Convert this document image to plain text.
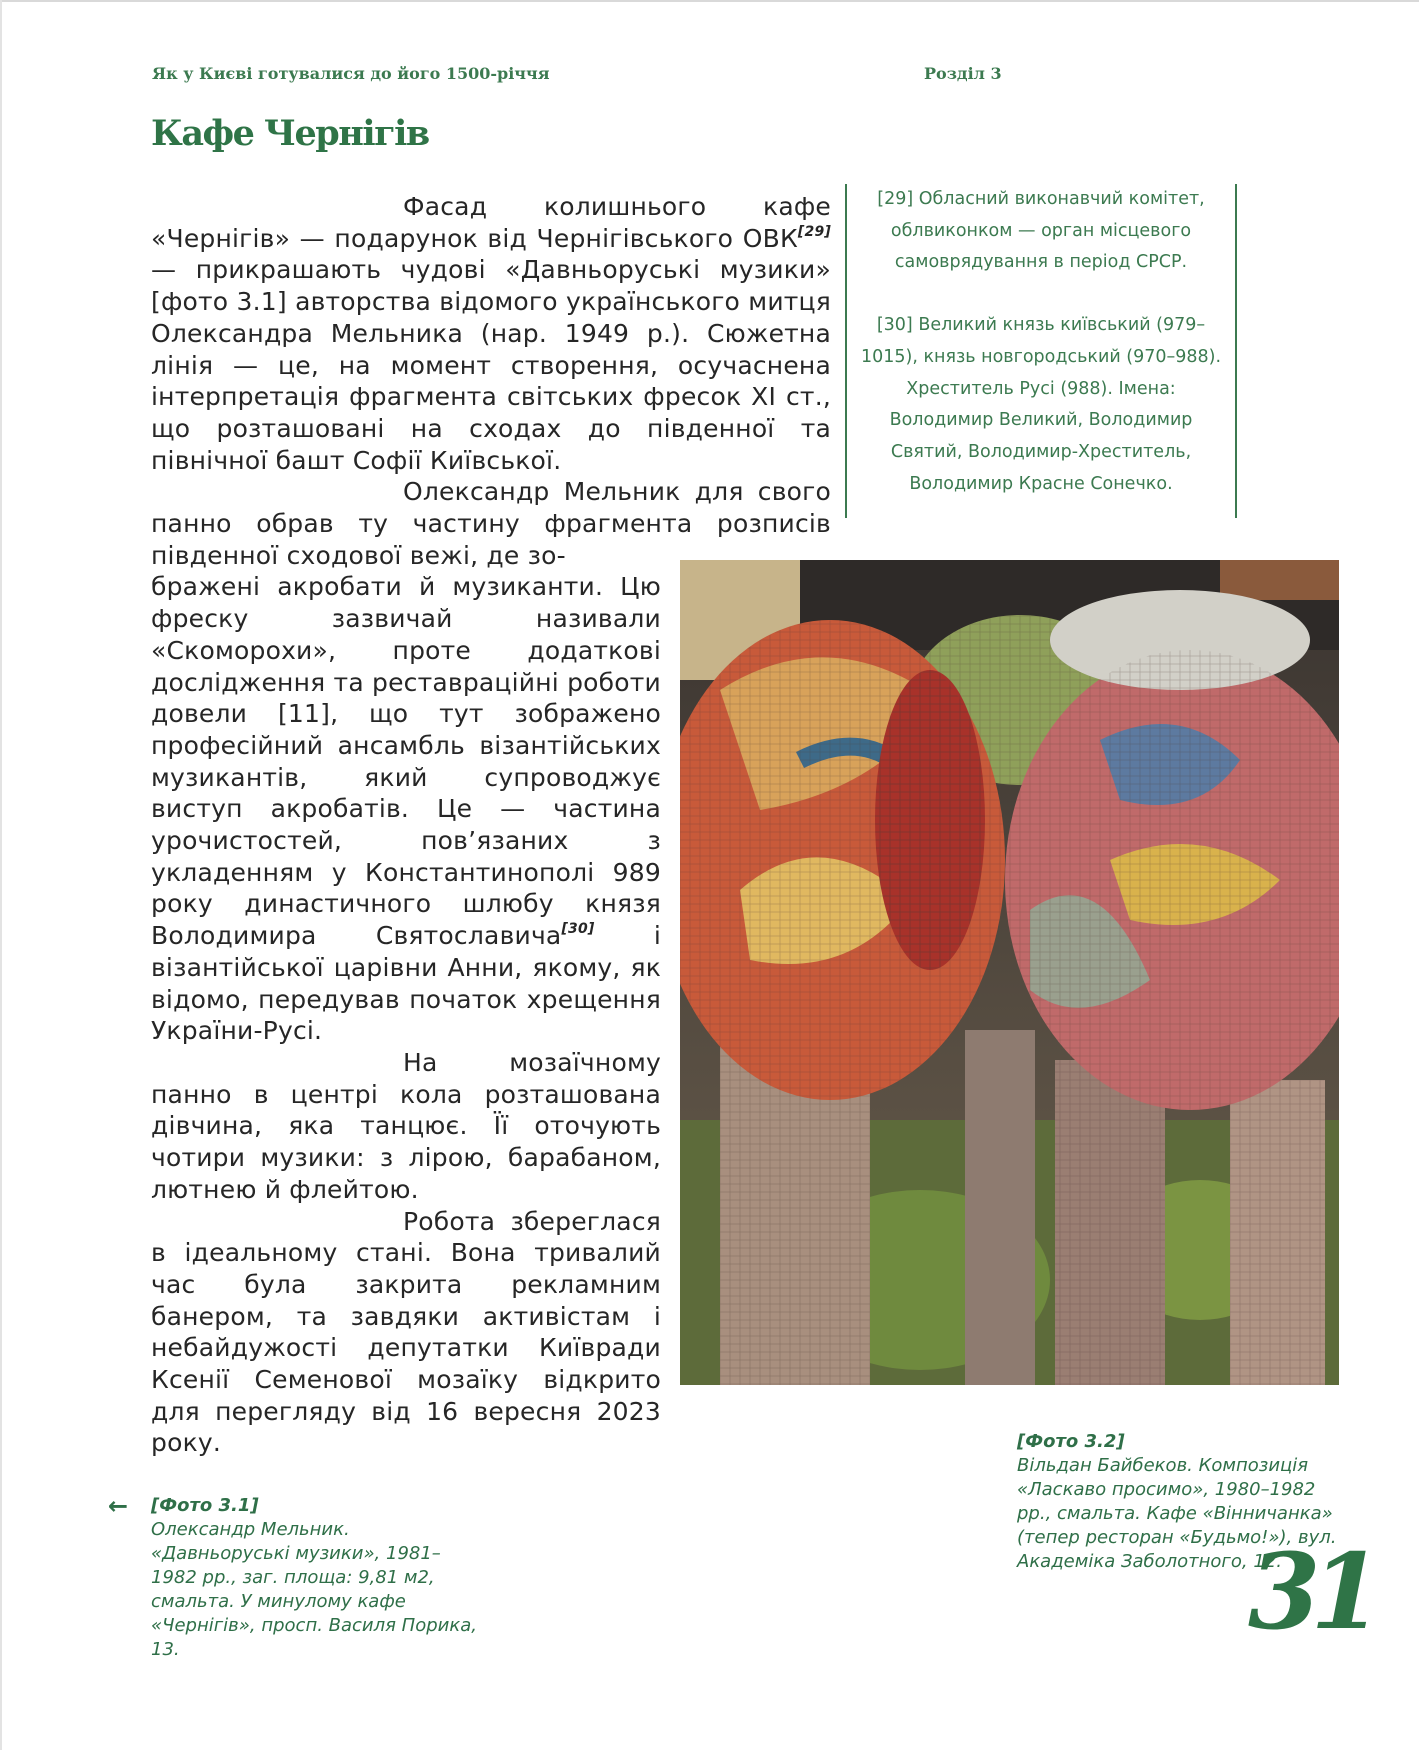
Як у Києві готувалися до його 1500-річчя	Розділ 3
Кафе Чернігів

Фасад колишнього кафе «Чернігів» — подарунок від Чернігівського ОВК[29] — прикрашають чудові «Давньоруські музики» [фото 3.1] авторства відомого українського митця Олександра Мельника (нар. 1949 р.). Сюжетна лінія — це, на момент створення, осучаснена інтерпретація фрагмента світських фресок XI ст., що розташовані на сходах до південної та північної башт Софії Київської.

Олександр Мельник для свого панно обрав ту частину фрагмента розписів південної сходової вежі, де зо-

бражені акробати й музиканти. Цю фреску зазвичай називали «Скоморохи», проте додаткові дослідження та реставраційні роботи довели [11], що тут зображено професійний ансамбль візантійських музикантів, який супроводжує виступ акробатів. Це — частина урочистостей, пов’язаних з укладенням у Константинополі 989 року династичного шлюбу князя Володимира Святославича[30] і візантійської царівни Анни, якому, як відомо, передував початок хрещення України-Русі.

На мозаїчному панно в центрі кола розташована дівчина, яка танцює. Її оточують чотири музики: з лірою, барабаном, лютнею й флейтою.

Робота збереглася в ідеальному стані. Вона тривалий час була закрита рекламним банером, та завдяки активістам і небайдужості депутатки Київради Ксенії Семенової мозаїку відкрито для перегляду від 16 вересня 2023 року.

[29] Обласний виконавчий комітет, облвиконком — орган місцевого самоврядування в період СРСР.

[30] Великий князь київський (979–1015), князь новгородський (970–988). Хреститель Русі (988). Імена: Володимир Великий, Володимир Святий, Володимир-Хреститель, Володимир Красне Сонечко.

← [Фото 3.1]
Олександр Мельник. «Давньоруські музики», 1981–1982 рр., заг. площа: 9,81 м2, смальта. У минулому кафе «Чернігів», просп. Василя Порика, 13.
[Фото 3.2]
Вільдан Байбеков. Композиція «Ласкаво просимо», 1980–1982 рр., смальта. Кафе «Вінничанка» (тепер ресторан «Будьмо!»), вул. Академіка Заболотного, 12.
31
